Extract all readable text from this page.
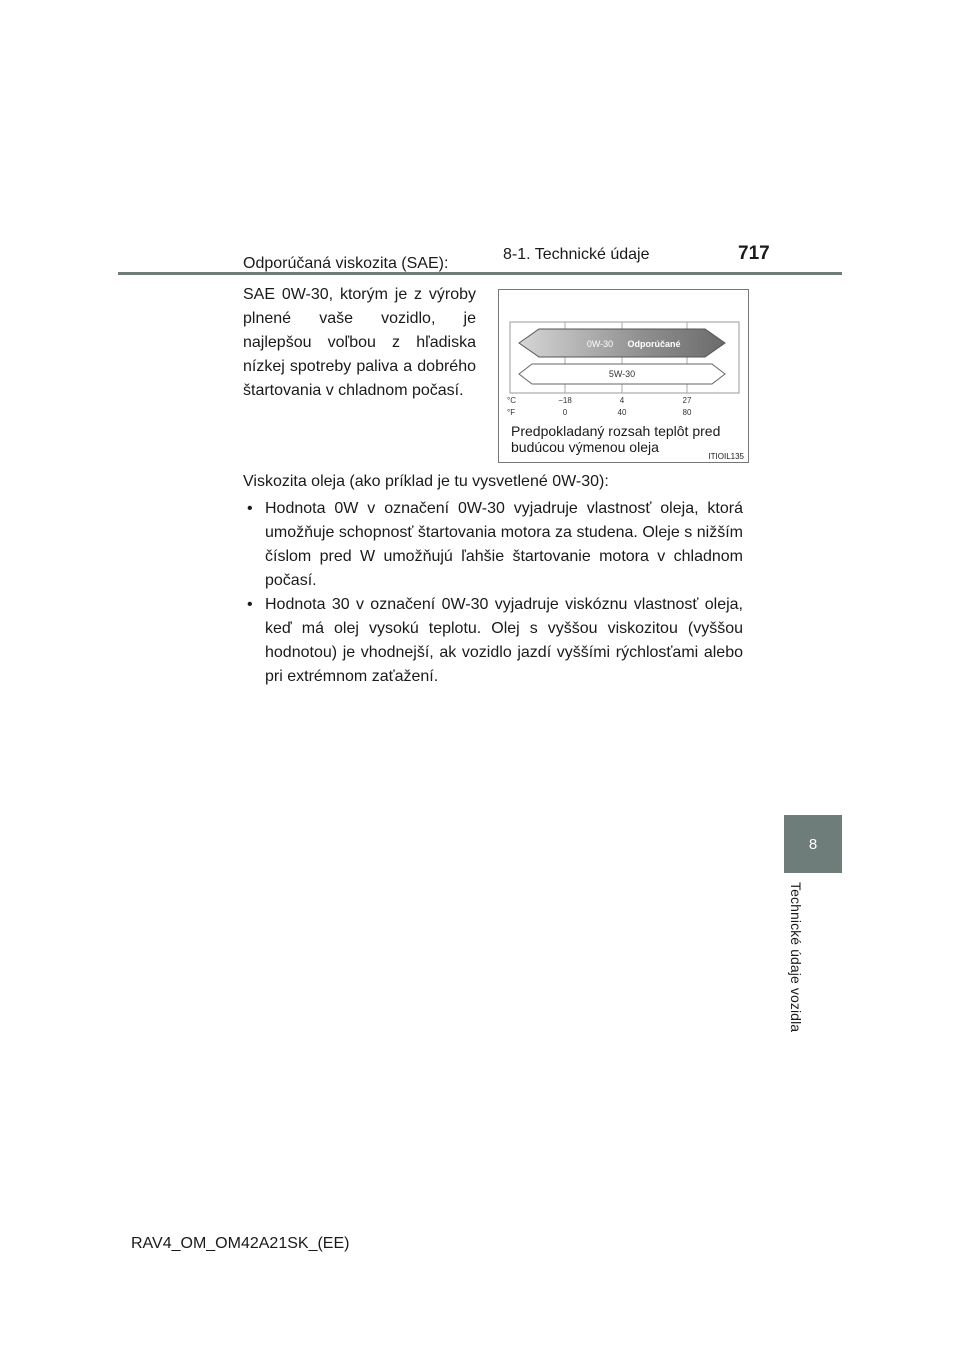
8-1. Technické údaje	717
8
Technické údaje vozidla
Odporúčaná viskozita (SAE):
SAE 0W-30, ktorým je z výroby plnené vaše vozidlo, je najlepšou voľbou z hľadiska nízkej spotreby paliva a dobrého štartovania v chladnom počasí.
0W-30 Odporúčané
5W-30
°C
°F
−18	4	27
0	40	80
Predpokladaný rozsah teplôt pred budúcou výmenou oleja
ITIOIL135
Viskozita oleja (ako príklad je tu vysvetlené 0W-30):
• Hodnota 0W v označení 0W-30 vyjadruje vlastnosť oleja, ktorá umožňuje schopnosť štartovania motora za studena. Oleje s nižším číslom pred W umožňujú ľahšie štartovanie motora v chladnom počasí.
• Hodnota 30 v označení 0W-30 vyjadruje viskóznu vlastnosť oleja, keď má olej vysokú teplotu. Olej s vyššou viskozitou (vyššou hodnotou) je vhodnejší, ak vozidlo jazdí vyššími rýchlosťami alebo pri extrémnom zaťažení.
RAV4_OM_OM42A21SK_(EE)
